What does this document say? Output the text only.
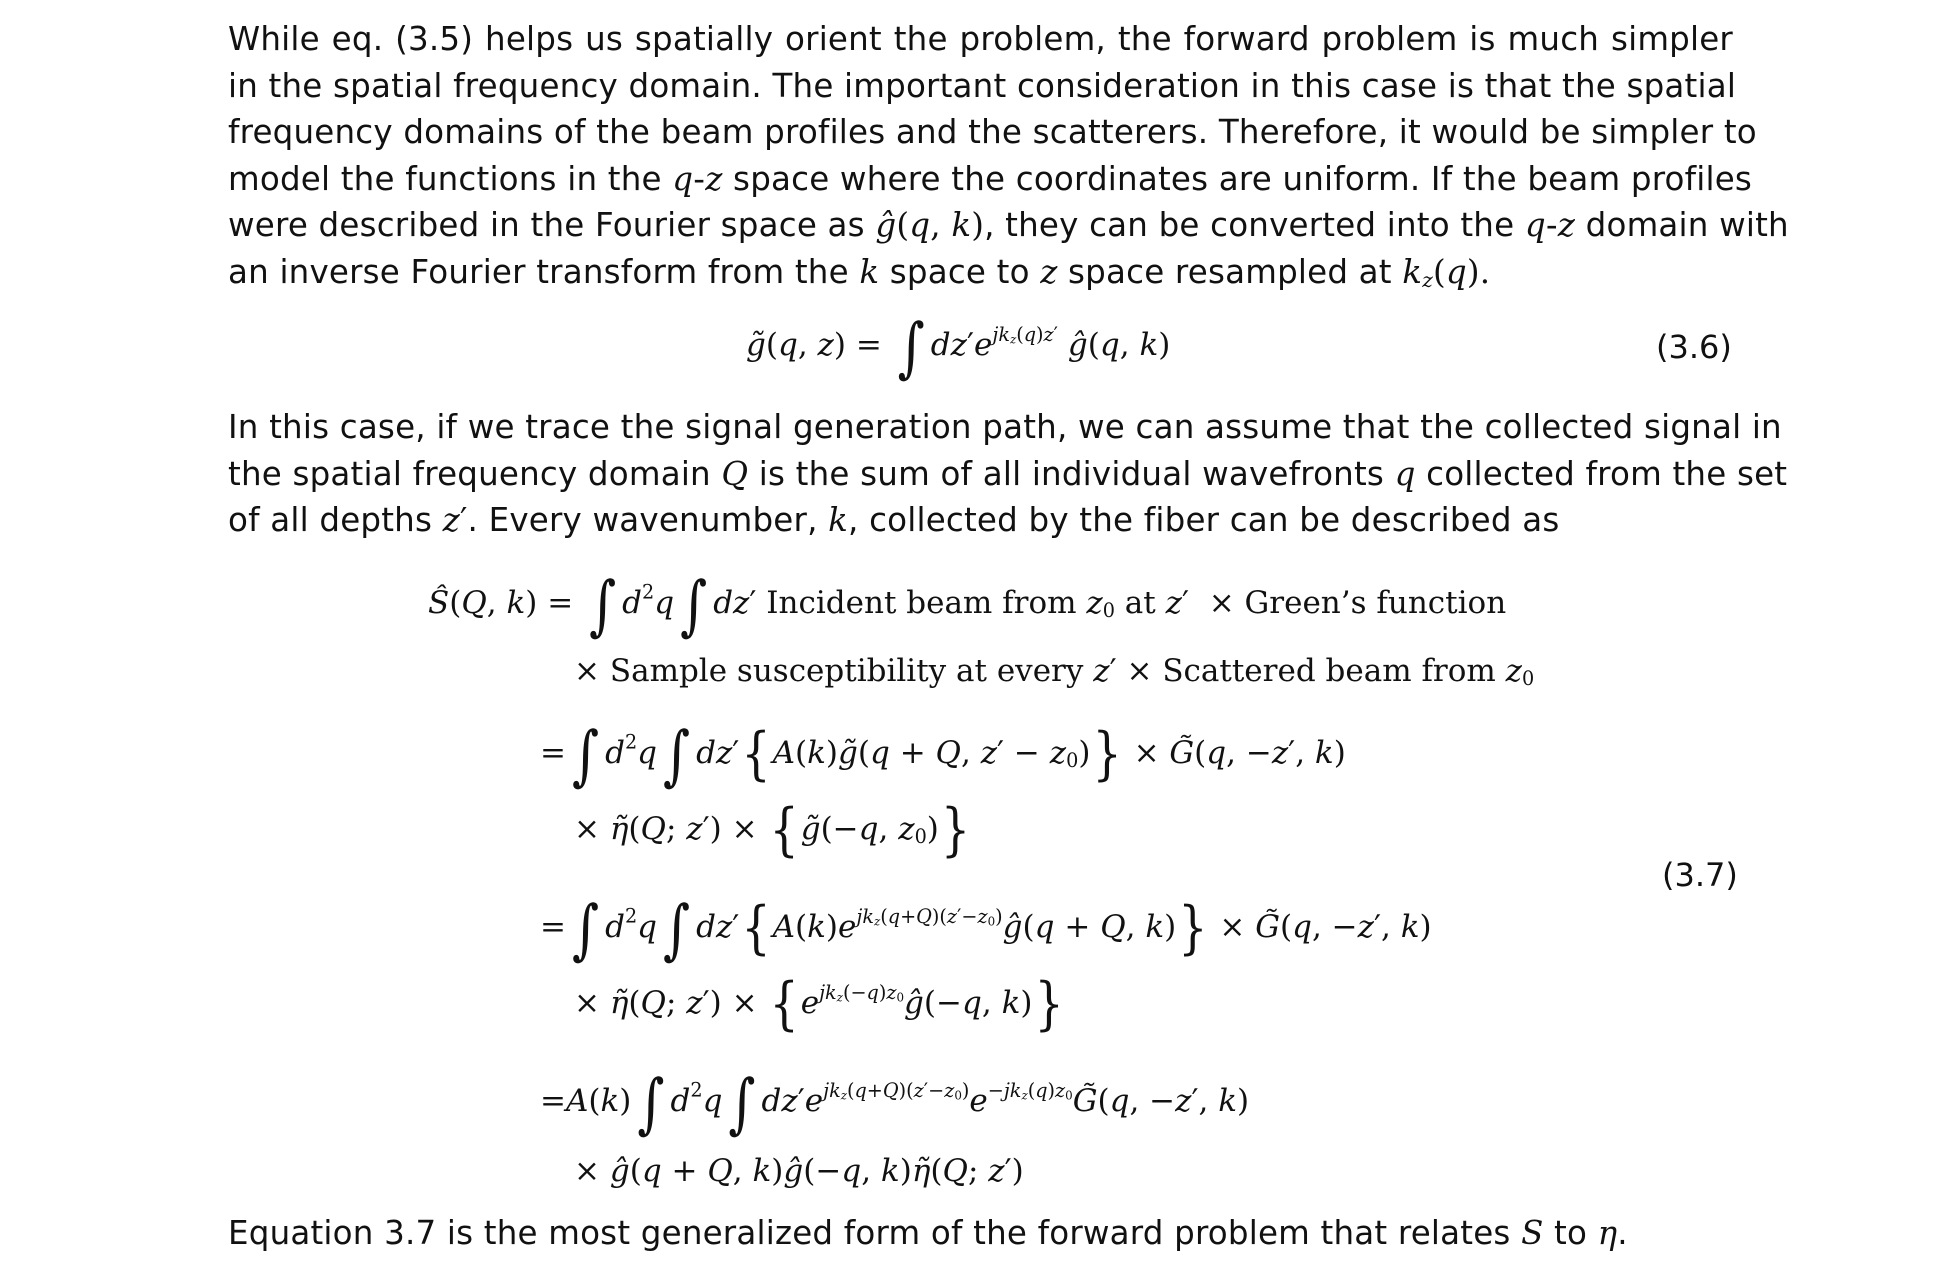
While eq. (3.5) helps us spatially orient the problem, the forward problem is much simpler
in the spatial frequency domain. The important consideration in this case is that the spatial
frequency domains of the beam profiles and the scatterers. Therefore, it would be simpler to
model the functions in the q-z space where the coordinates are uniform. If the beam profiles
were described in the Fourier space as ĝ(q, k), they can be converted into the q-z domain with
an inverse Fourier transform from the k space to z space resampled at $k_z(q)$.
g̃(q, z) = ∫ $dz'e^{jk_z(q)z'}$ ĝ(q, k)	(3.6)
In this case, if we trace the signal generation path, we can assume that the collected signal in
the spatial frequency domain Q is the sum of all individual wavefronts q collected from the set
of all depths z′. Every wavenumber, k, collected by the fiber can be described as
Ŝ(Q, k) = ∫ $d^2q$ ∫ dz′ Incident beam from $z_0$ at z′  × Green’s function
× Sample susceptibility at every z′ × Scattered beam from $z_0$
= ∫ $d^2q$ ∫ dz′{A(k)g̃(q + Q, $z' - z_0$)} × G̃(q, −z′, k)
× η̃(Q; z′) × {g̃(−q, $z_0$)}
= ∫ $d^2q$ ∫ $dz'\{A(k)e^{jk_z(q+Q)(z'-z_0)}ĝ(q + Q$, k)} × G̃(q, −z′, k)
× η̃(Q; $z') \times \{e^{jk_z(-q)z_0}ĝ(-q$, k)}
=A(k) ∫ $d^2q$ ∫ $dz'e^{jk_z(q+Q)(z'-z_0)}e^{-jk_z(q)z_0}G̃(q$, −z′, k)
× ĝ(q + Q, k)ĝ(−q, k)η̃(Q; z′)
(3.7)
Equation 3.7 is the most generalized form of the forward problem that relates S to η.
